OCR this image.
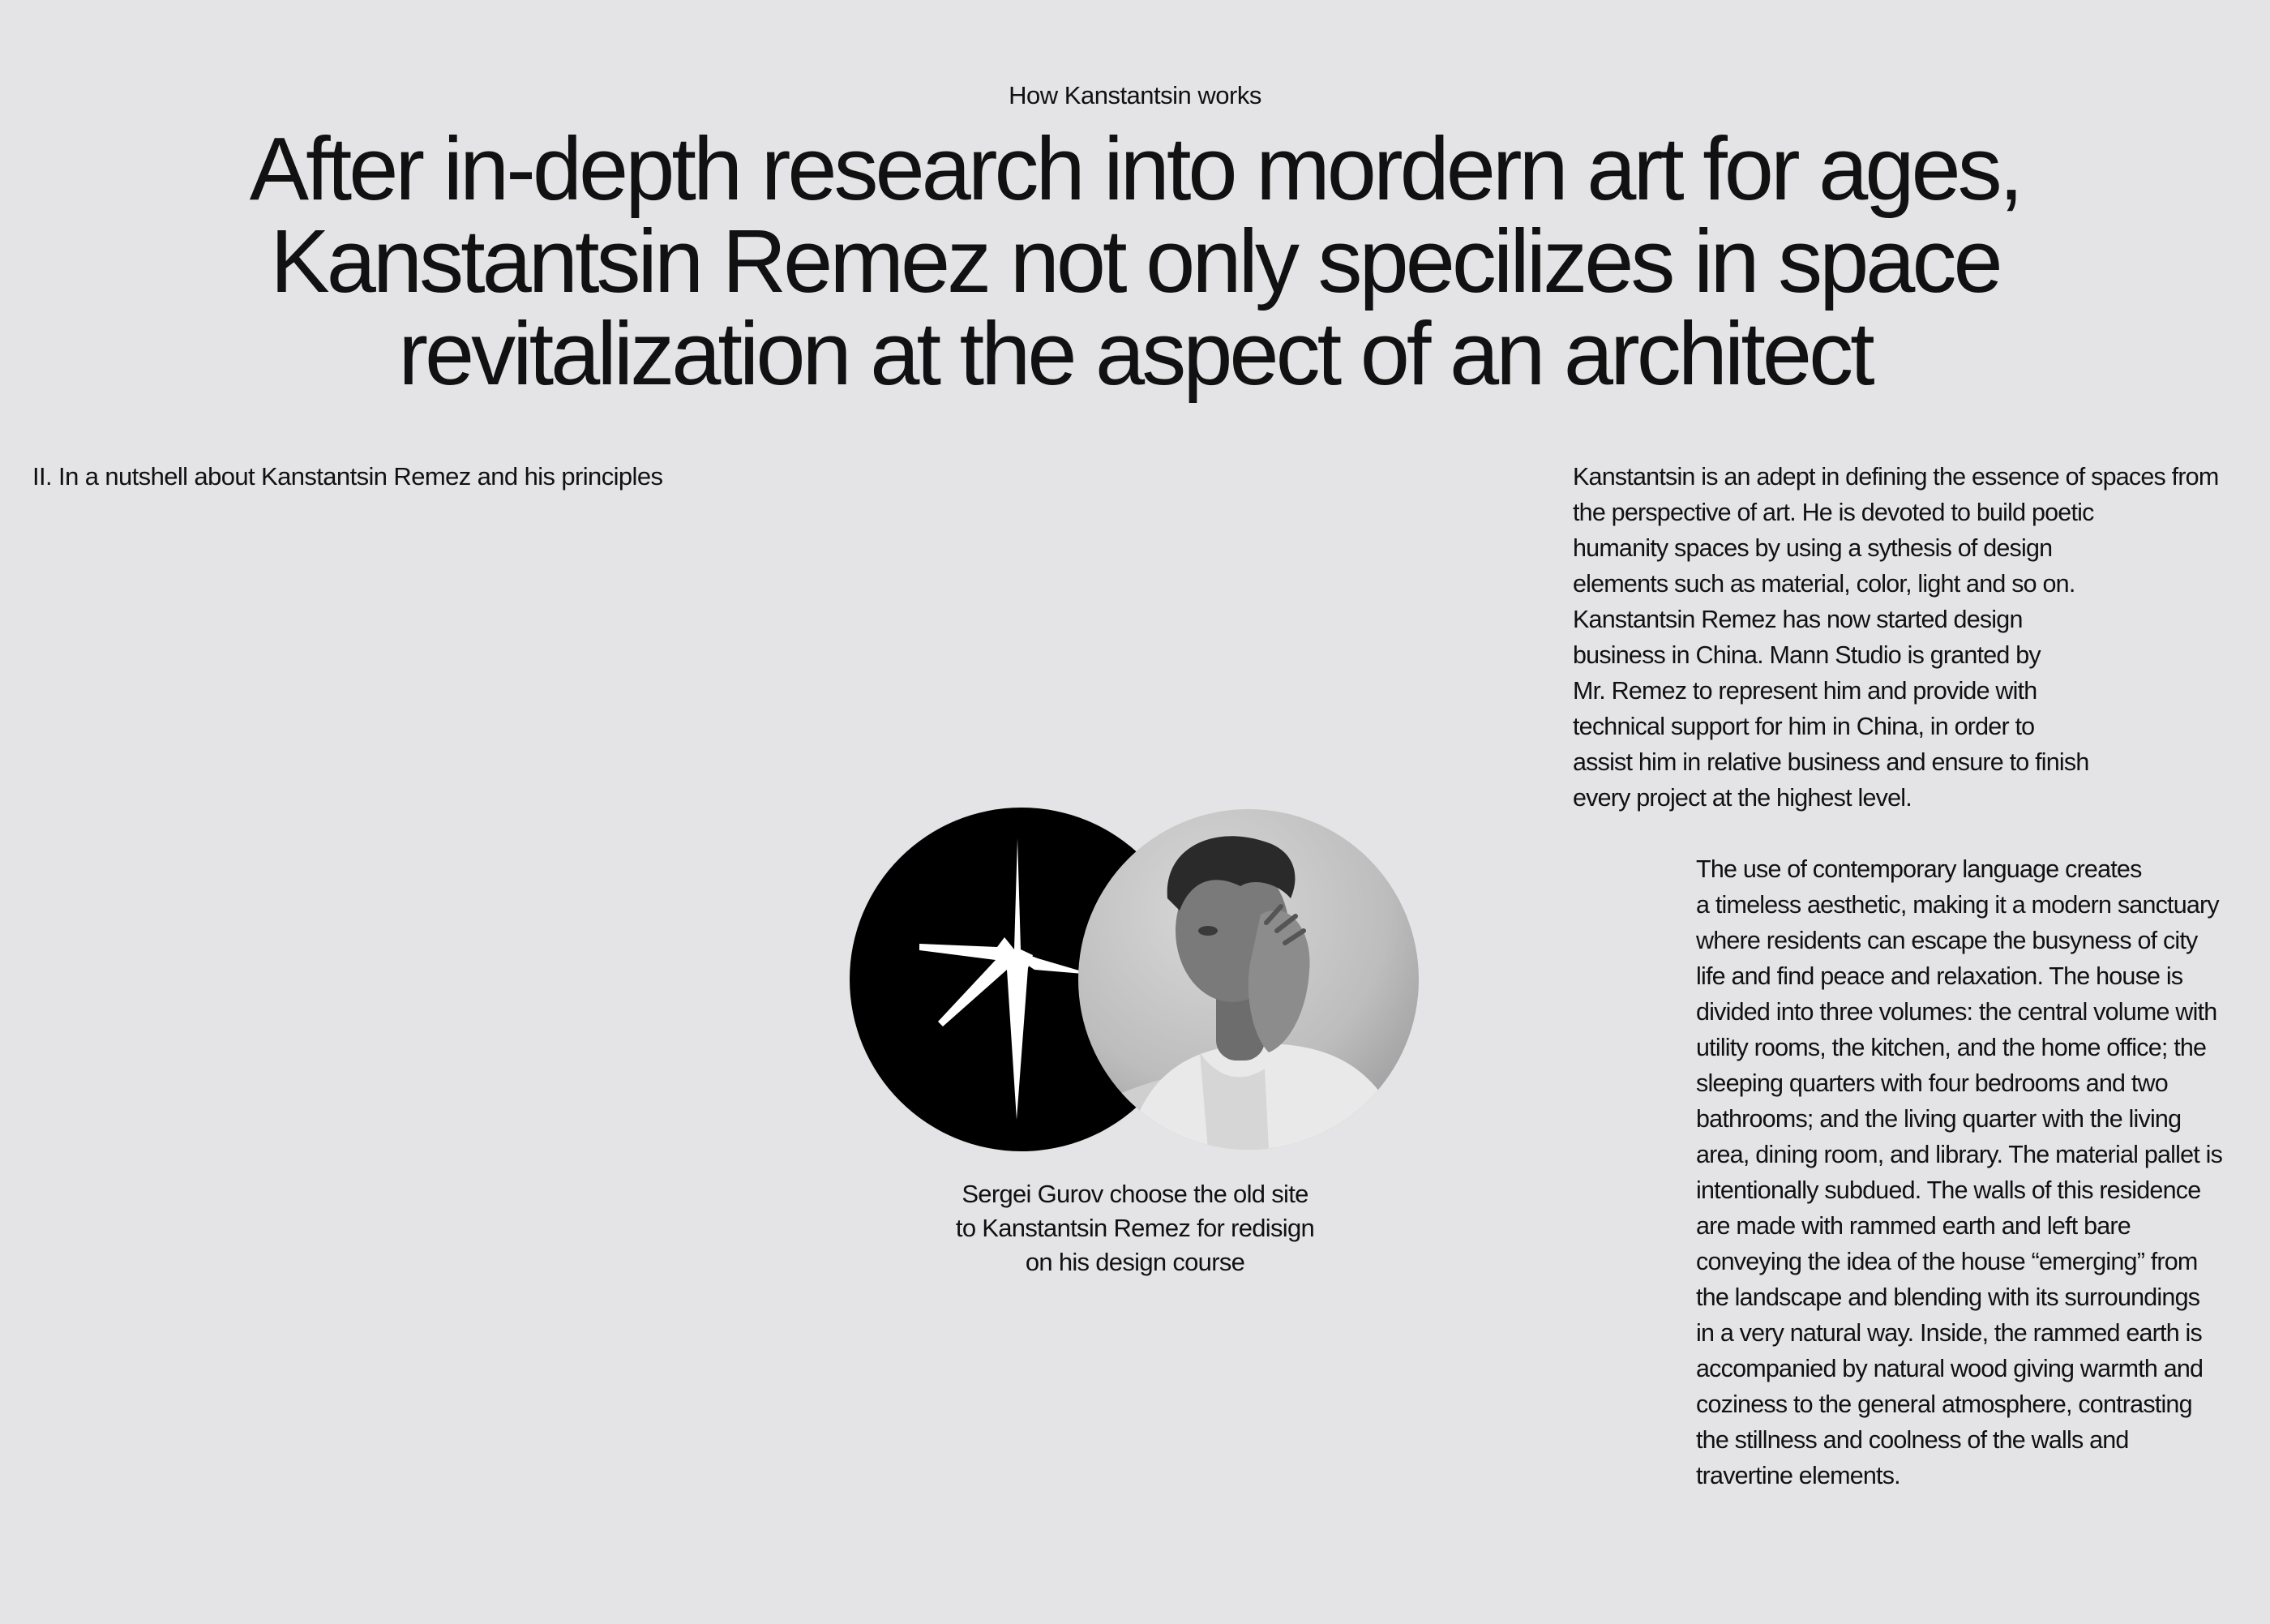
How Kanstantsin works

After in-depth research into mordern art for ages,
Kanstantsin Remez not only specilizes in space
revitalization at the aspect of an architect

II. In a nutshell about Kanstantsin Remez and his principles	Kanstantsin is an adept in defining the essence of spaces from
the perspective of art. He is devoted to build poetic
humanity spaces by using a sythesis of design
elements such as material, color, light and so on.
Kanstantsin Remez has now started design
business in China. Mann Studio is granted by
Mr. Remez to represent him and provide with
technical support for him in China, in order to
assist him in relative business and ensure to finish
every project at the highest level.

The use of contemporary language creates
a timeless aesthetic, making it a modern sanctuary
where residents can escape the busyness of city
life and find peace and relaxation. The house is
divided into three volumes: the central volume with
utility rooms, the kitchen, and the home office; the
sleeping quarters with four bedrooms and two
bathrooms; and the living quarter with the living
area, dining room, and library. The material pallet is
intentionally subdued. The walls of this residence
are made with rammed earth and left bare
conveying the idea of the house “emerging” from
the landscape and blending with its surroundings
in a very natural way. Inside, the rammed earth is
accompanied by natural wood giving warmth and
coziness to the general atmosphere, contrasting
the stillness and coolness of the walls and
travertine elements.

Sergei Gurov choose the old site
to Kanstantsin Remez for redisign
on his design course
